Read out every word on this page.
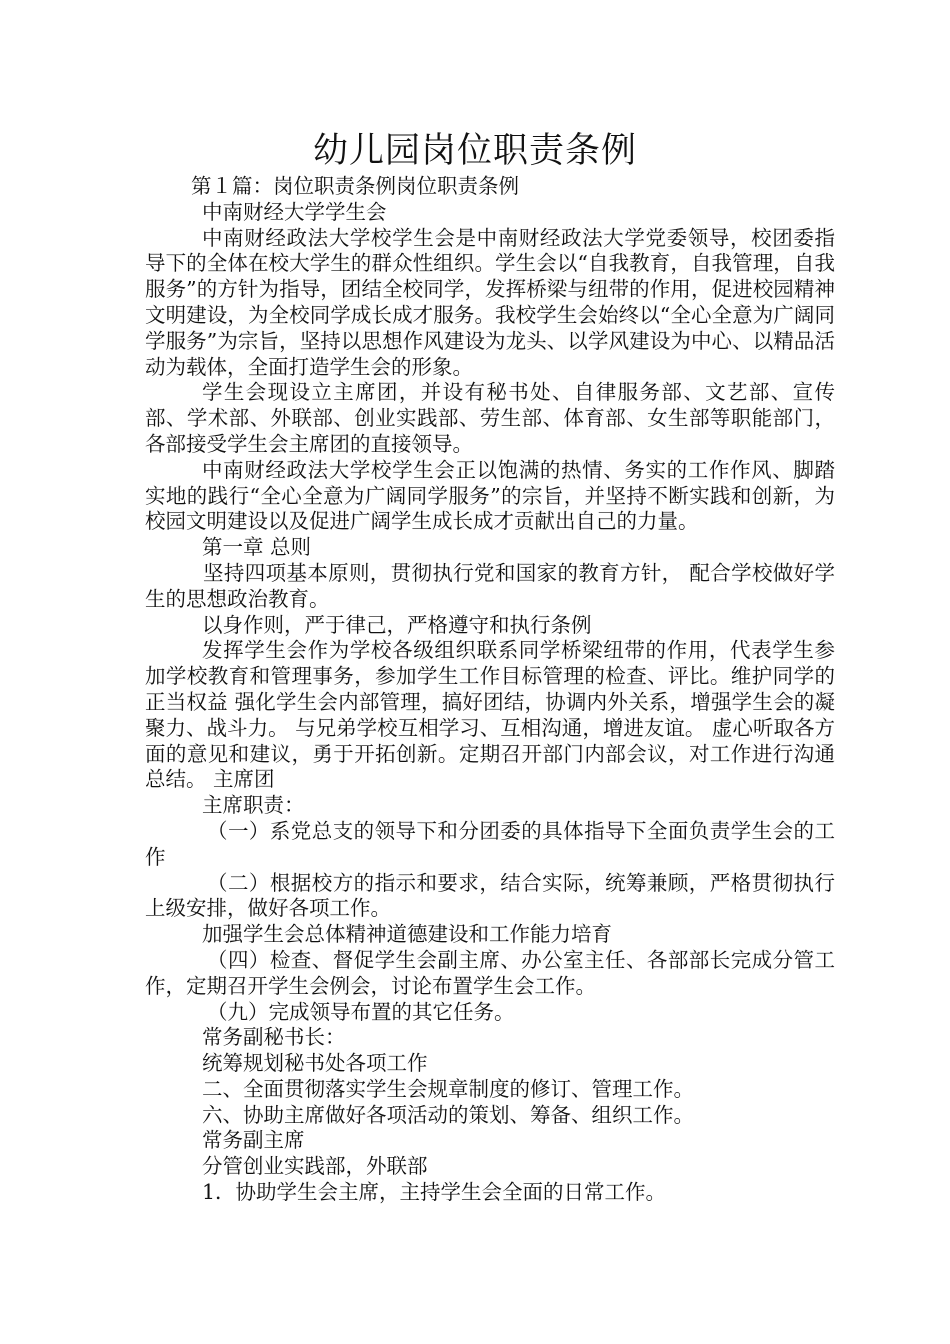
幼儿园岗位职责条例

第１篇：岗位职责条例岗位职责条例

中南财经大学学生会

中南财经政法大学校学生会是中南财经政法大学党委领导，校团委指导下的全体在校大学生的群众性组织。学生会以“自我教育，自我管理，自我服务”的方针为指导，团结全校同学，发挥桥梁与纽带的作用，促进校园精神文明建设，为全校同学成长成才服务。我校学生会始终以“全心全意为广阔同学服务”为宗旨，坚持以思想作风建设为龙头、以学风建设为中心、以精品活动为载体，全面打造学生会的形象。

学生会现设立主席团，并设有秘书处、自律服务部、文艺部、宣传部、学术部、外联部、创业实践部、劳生部、体育部、女生部等职能部门，各部接受学生会主席团的直接领导。

中南财经政法大学校学生会正以饱满的热情、务实的工作作风、脚踏实地的践行“全心全意为广阔同学服务”的宗旨，并坚持不断实践和创新，为校园文明建设以及促进广阔学生成长成才贡献出自己的力量。

第一章 总则

坚持四项基本原则，贯彻执行党和国家的教育方针， 配合学校做好学生的思想政治教育。

以身作则，严于律己，严格遵守和执行条例

发挥学生会作为学校各级组织联系同学桥梁纽带的作用，代表学生参加学校教育和管理事务，参加学生工作目标管理的检查、评比。维护同学的正当权益 强化学生会内部管理，搞好团结，协调内外关系，增强学生会的凝聚力、战斗力。 与兄弟学校互相学习、互相沟通，增进友谊。 虚心听取各方面的意见和建议，勇于开拓创新。定期召开部门内部会议，对工作进行沟通总结。 主席团

主席职责：

（一）系党总支的领导下和分团委的具体指导下全面负责学生会的工作

（二）根据校方的指示和要求，结合实际，统筹兼顾，严格贯彻执行上级安排，做好各项工作。

加强学生会总体精神道德建设和工作能力培育

（四）检查、督促学生会副主席、办公室主任、各部部长完成分管工作，定期召开学生会例会，讨论布置学生会工作。

（九）完成领导布置的其它任务。

常务副秘书长：

统筹规划秘书处各项工作

二、全面贯彻落实学生会规章制度的修订、管理工作。

六、协助主席做好各项活动的策划、筹备、组织工作。

常务副主席

分管创业实践部，外联部

1．协助学生会主席，主持学生会全面的日常工作。
